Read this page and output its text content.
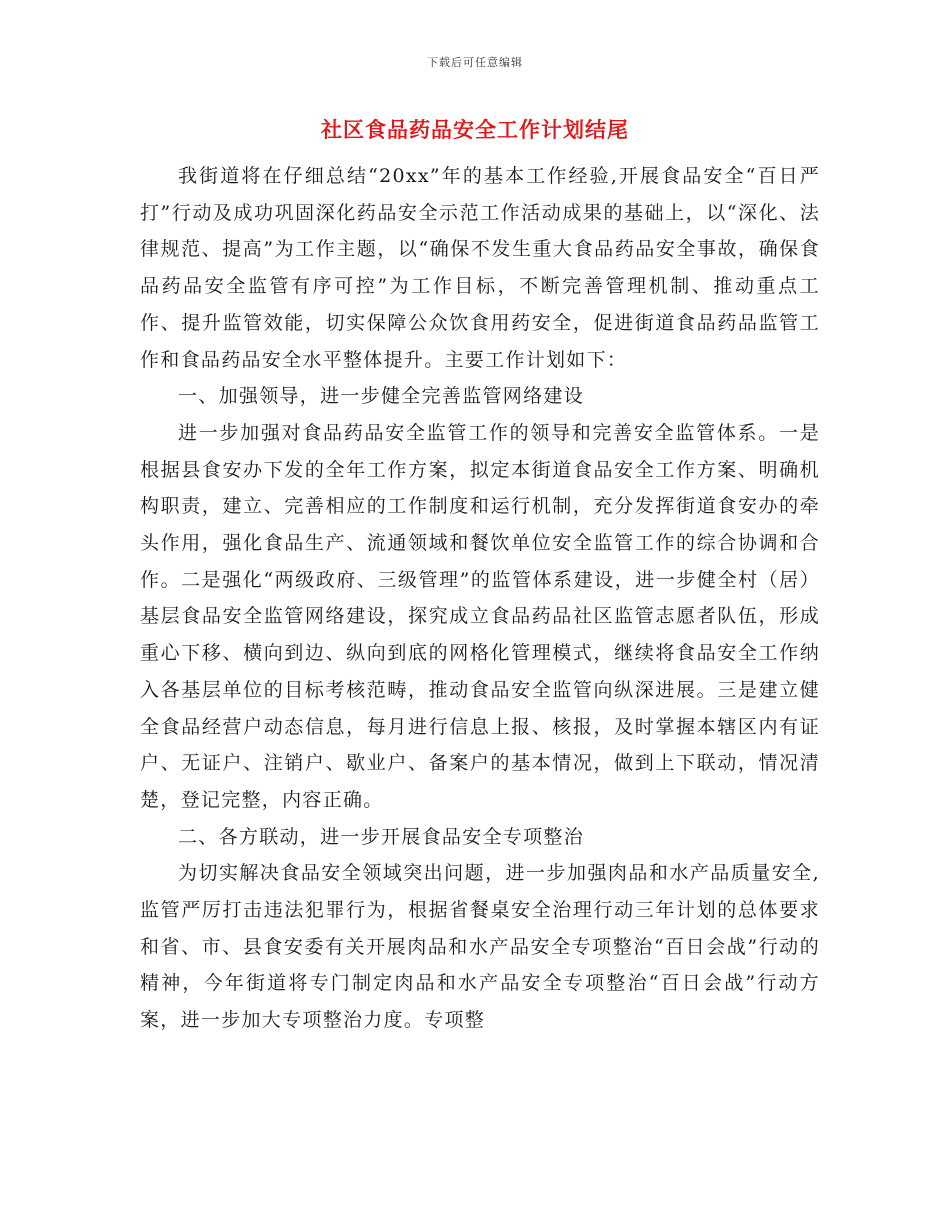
下载后可任意编辑
社区食品药品安全工作计划结尾

我街道将在仔细总结“20xx”年的基本工作经验,开展食品安全“百日严打”行动及成功巩固深化药品安全示范工作活动成果的基础上，以“深化、法律规范、提高”为工作主题，以“确保不发生重大食品药品安全事故，确保食品药品安全监管有序可控”为工作目标，不断完善管理机制、推动重点工作、提升监管效能，切实保障公众饮食用药安全，促进街道食品药品监管工作和食品药品安全水平整体提升。主要工作计划如下：

一、加强领导，进一步健全完善监管网络建设

进一步加强对食品药品安全监管工作的领导和完善安全监管体系。一是根据县食安办下发的全年工作方案，拟定本街道食品安全工作方案、明确机构职责，建立、完善相应的工作制度和运行机制，充分发挥街道食安办的牵头作用，强化食品生产、流通领域和餐饮单位安全监管工作的综合协调和合作。二是强化“两级政府、三级管理”的监管体系建设，进一步健全村（居）基层食品安全监管网络建设，探究成立食品药品社区监管志愿者队伍，形成重心下移、横向到边、纵向到底的网格化管理模式，继续将食品安全工作纳入各基层单位的目标考核范畴，推动食品安全监管向纵深进展。三是建立健全食品经营户动态信息，每月进行信息上报、核报，及时掌握本辖区内有证户、无证户、注销户、歇业户、备案户的基本情况，做到上下联动，情况清楚，登记完整，内容正确。

二、各方联动，进一步开展食品安全专项整治

为切实解决食品安全领域突出问题，进一步加强肉品和水产品质量安全,监管严厉打击违法犯罪行为，根据省餐桌安全治理行动三年计划的总体要求和省、市、县食安委有关开展肉品和水产品安全专项整治“百日会战”行动的精神，今年街道将专门制定肉品和水产品安全专项整治“百日会战”行动方案，进一步加大专项整治力度。专项整
